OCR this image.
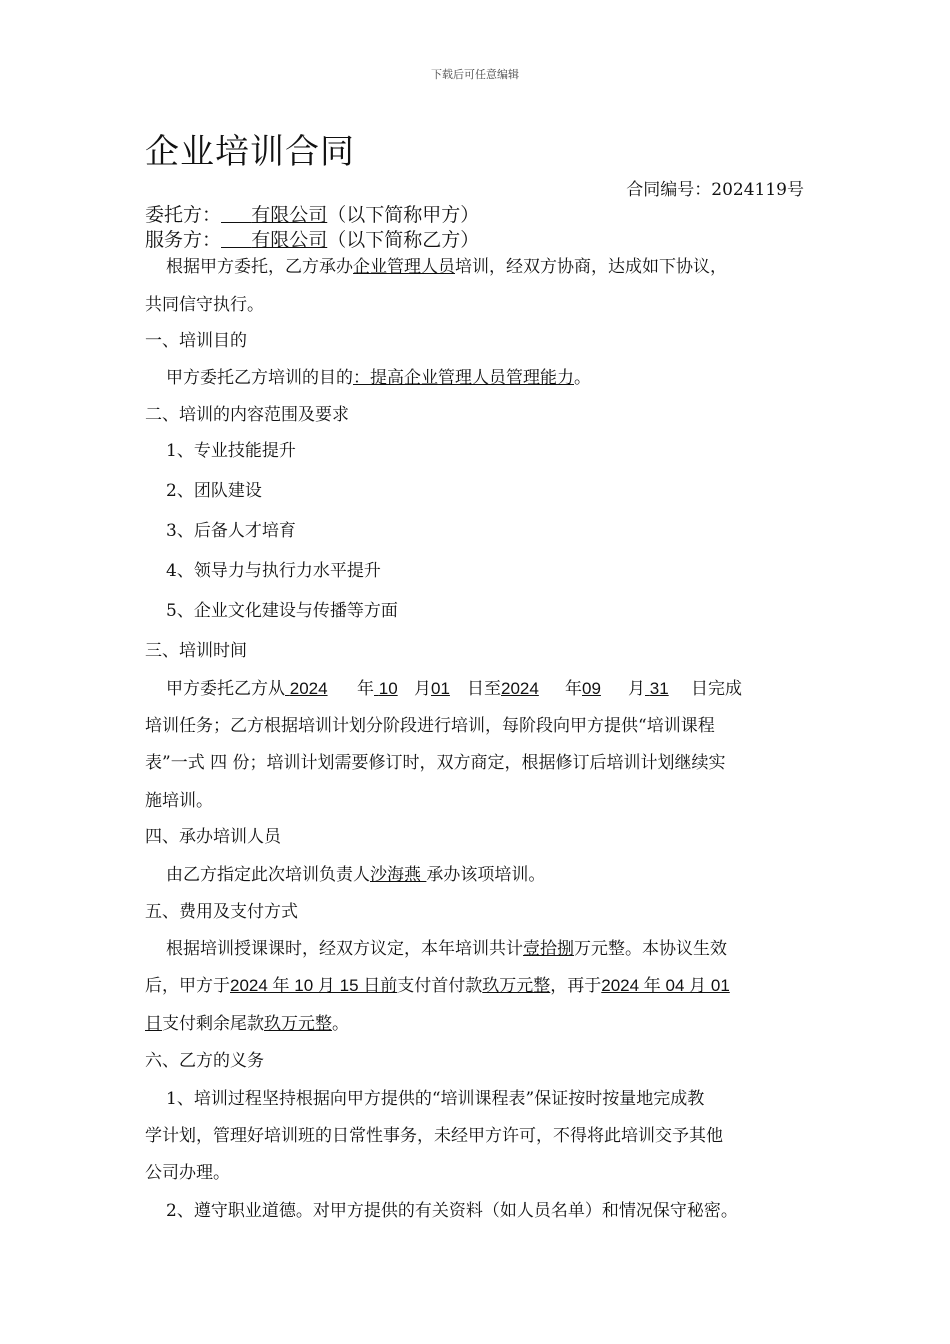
下载后可任意编辑
企业培训合同
合同编号：2024119号
委托方： 有限公司（以下简称甲方）
服务方： 有限公司（以下简称乙方）
根据甲方委托，乙方承办企业管理人员培训，经双方协商，达成如下协议，
共同信守执行。
一、培训目的
甲方委托乙方培训的目的：提高企业管理人员管理能力。
二、培训的内容范围及要求
1、专业技能提升
2、团队建设
3、后备人才培育
4、领导力与执行力水平提升
5、企业文化建设与传播等方面
三、培训时间
甲方委托乙方从 2024 年 10 月01 日至2024 年09 月 31 日完成
培训任务；乙方根据培训计划分阶段进行培训，每阶段向甲方提供“培训课程
表”一式 四 份；培训计划需要修订时，双方商定，根据修订后培训计划继续实
施培训。
四、承办培训人员
由乙方指定此次培训负责人沙海燕 承办该项培训。
五、费用及支付方式
根据培训授课课时，经双方议定，本年培训共计壹拾捌万元整。本协议生效
后，甲方于2024 年 10 月 15 日前支付首付款玖万元整，再于2024 年 04 月 01
日支付剩余尾款玖万元整。
六、乙方的义务
1、培训过程坚持根据向甲方提供的“培训课程表”保证按时按量地完成教
学计划，管理好培训班的日常性事务，未经甲方许可，不得将此培训交予其他
公司办理。
2、遵守职业道德。对甲方提供的有关资料（如人员名单）和情况保守秘密。
